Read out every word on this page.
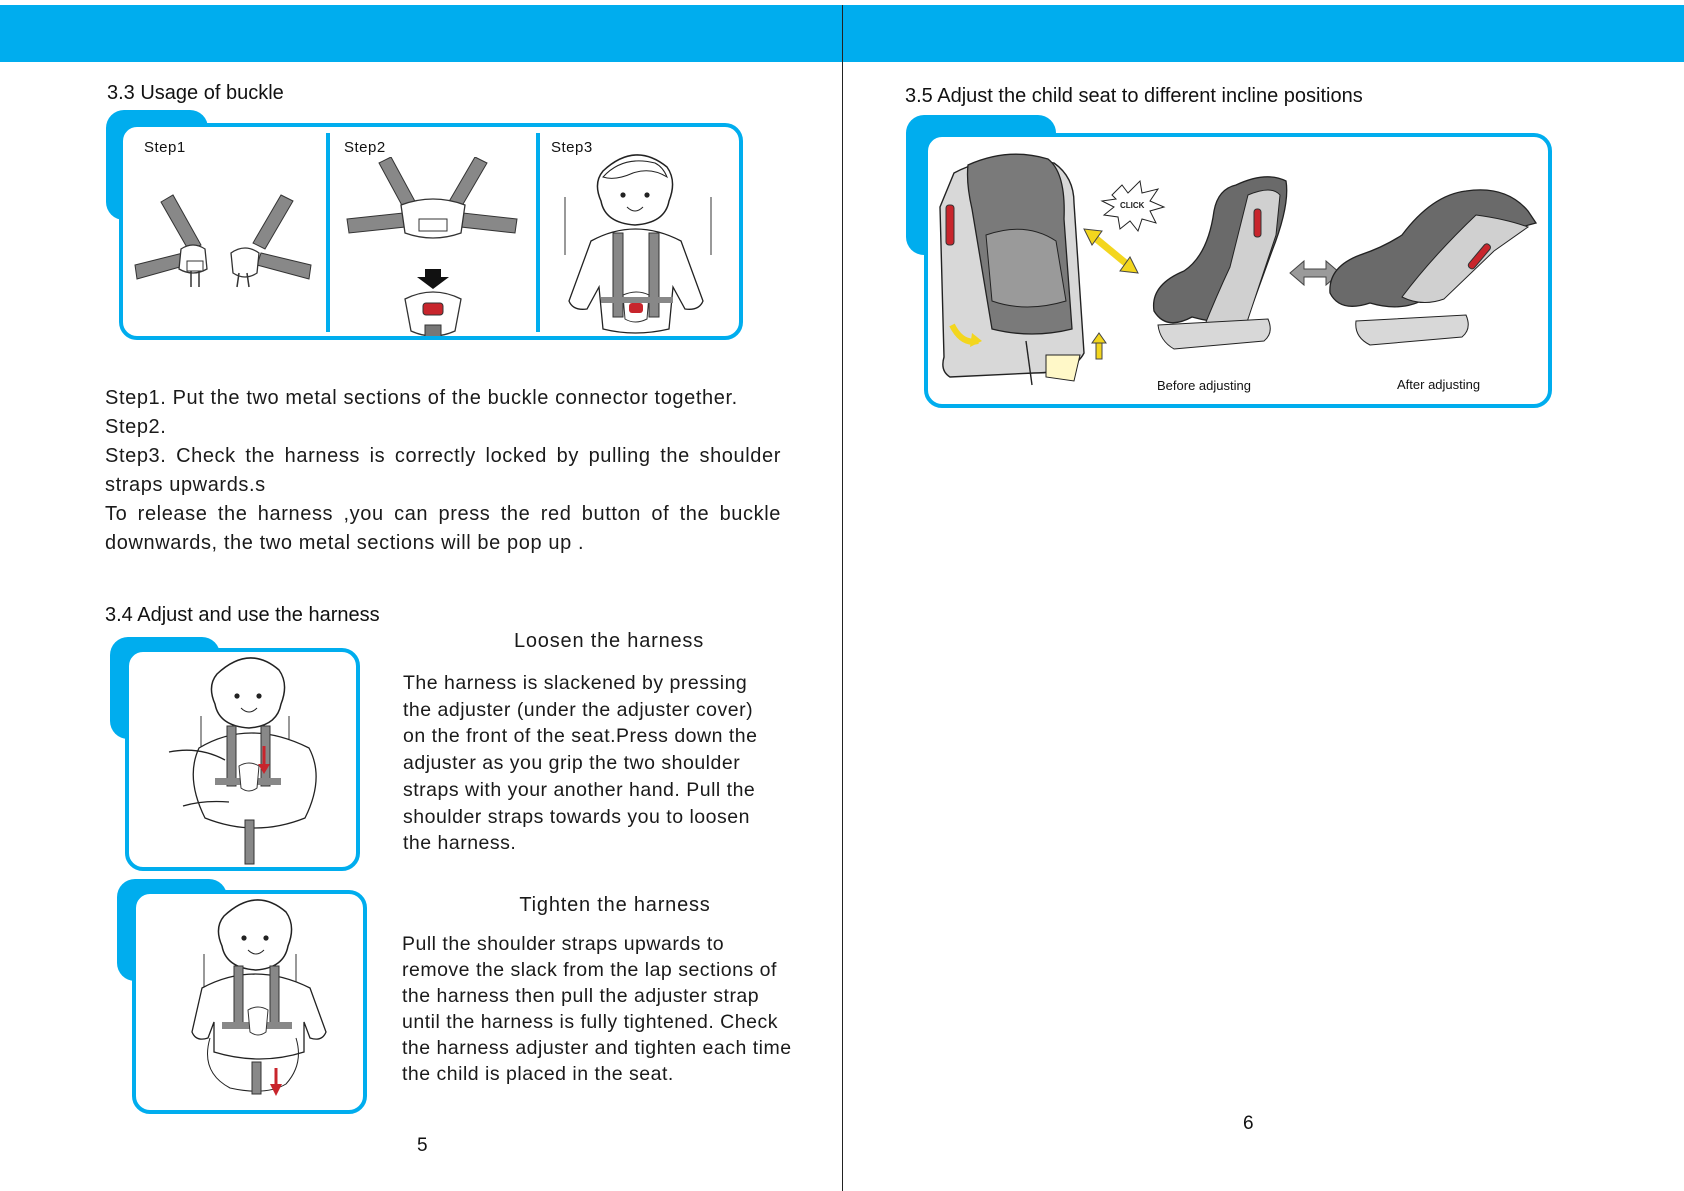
3.3 Usage of buckle
Step1	Step2	Step3

Step1. Put the two metal sections of the buckle connector together.

Step2.

Step3. Check the harness is correctly locked by pulling the shoulder straps upwards.s

To release the harness ,you can press the red button of the buckle downwards, the two metal sections will be pop up .

3.4 Adjust and use the harness
Loosen the harness

The harness is slackened by pressing the adjuster (under the adjuster cover) on the front of the seat.Press down the adjuster as you grip the two shoulder straps with your another hand. Pull the shoulder straps towards you to loosen the harness.

Tighten the harness

Pull the shoulder straps upwards to remove the slack from the lap sections of the harness then pull the adjuster strap until the harness is fully tightened. Check the harness adjuster and tighten each time the child is placed in the seat.

5
3.5 Adjust the child seat to different incline positions
CLICK
Before adjusting	After adjusting
6
